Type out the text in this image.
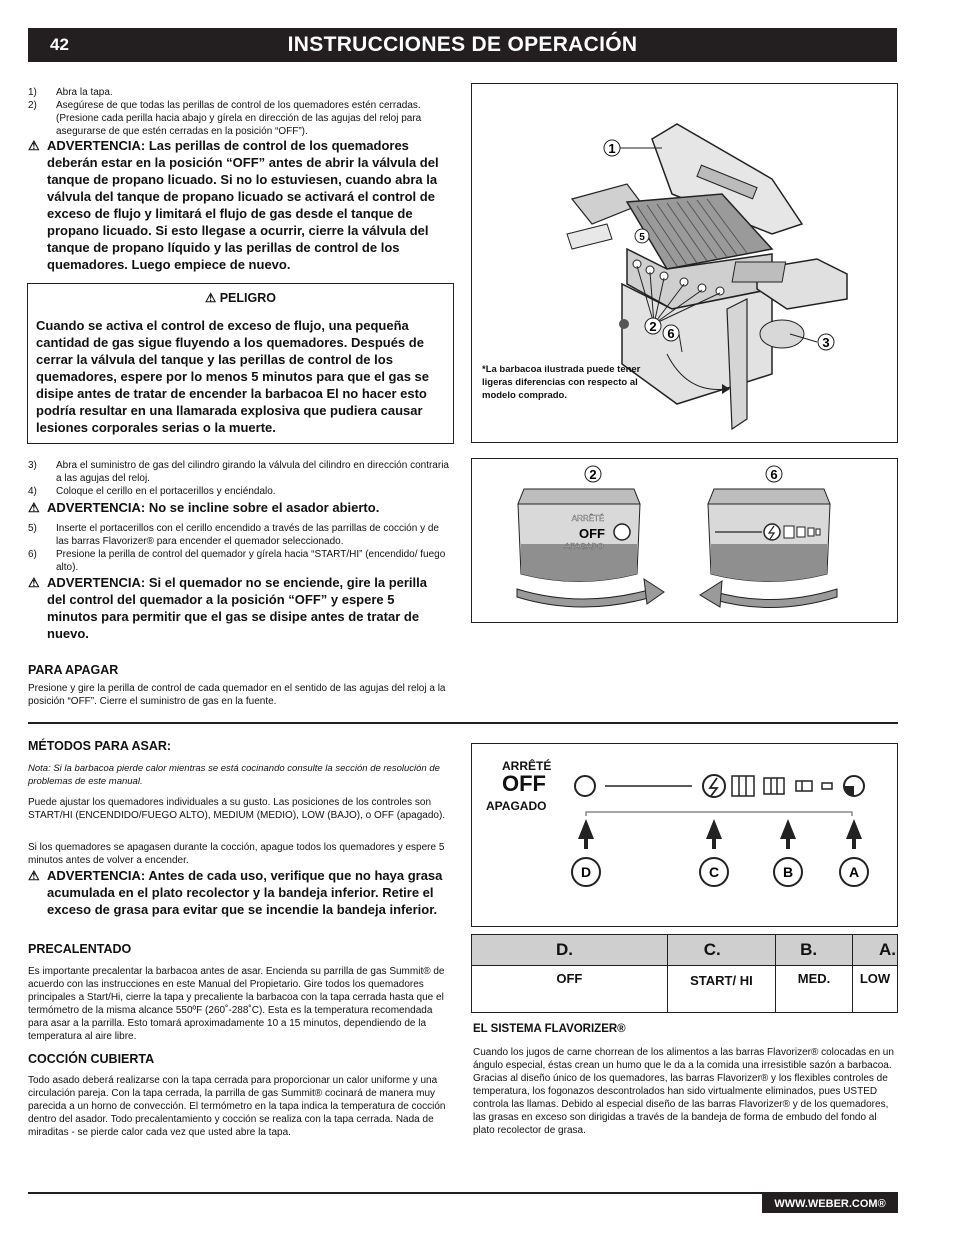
42	INSTRUCCIONES DE OPERACIÓN
1) Abra la tapa.
2) Asegúrese de que todas las perillas de control de los quemadores estén cerradas. (Presione cada perilla hacia abajo y gírela en dirección de las agujas del reloj para asegurarse de que estén cerradas en la posición “OFF”).
⚠ ADVERTENCIA: Las perillas de control de los quemadores deberán estar en la posición “OFF” antes de abrir la válvula del tanque de propano licuado. Si no lo estuviesen, cuando abra la válvula del tanque de propano licuado se activará el control de exceso de flujo y limitará el flujo de gas desde el tanque de propano licuado. Si esto llegase a ocurrir, cierre la válvula del tanque de propano líquido y las perillas de control de los quemadores. Luego empiece de nuevo.
⚠ PELIGRO
Cuando se activa el control de exceso de flujo, una pequeña cantidad de gas sigue fluyendo a los quemadores. Después de cerrar la válvula del tanque y las perillas de control de los quemadores, espere por lo menos 5 minutos para que el gas se disipe antes de tratar de encender la barbacoa El no hacer esto podría resultar en una llamarada explosiva que pudiera causar lesiones corporales serias o la muerte.
3) Abra el suministro de gas del cilindro girando la válvula del cilindro en dirección contraria a las agujas del reloj.
4) Coloque el cerillo en el portacerillos y enciéndalo.
⚠ ADVERTENCIA: No se incline sobre el asador abierto.
5) Inserte el portacerillos con el cerillo encendido a través de las parrillas de cocción y de las barras Flavorizer® para encender el quemador seleccionado.
6) Presione la perilla de control del quemador y gírela hacia “START/HI” (encendido/ fuego alto).
⚠ ADVERTENCIA: Si el quemador no se enciende, gire la perilla del control del quemador a la posición “OFF” y espere 5 minutos para permitir que el gas se disipe antes de tratar de nuevo.
PARA APAGAR
Presione y gire la perilla de control de cada quemador en el sentido de las agujas del reloj a la posición “OFF”. Cierre el suministro de gas en la fuente.
1
5
2 6
3
*La barbacoa ilustrada puede tener ligeras diferencias con respecto al modelo comprado.
ARRÊTÉ
OFF
APAGADO
2	6
MÉTODOS PARA ASAR:
Nota: Si la barbacoa pierde calor mientras se está cocinando consulte la sección de resolución de problemas de este manual.
Puede ajustar los quemadores individuales a su gusto. Las posiciones de los controles son START/HI (ENCENDIDO/FUEGO ALTO), MEDIUM (MEDIO), LOW (BAJO), o OFF (apagado).
Si los quemadores se apagasen durante la cocción, apague todos los quemadores y espere 5 minutos antes de volver a encender.
⚠ ADVERTENCIA: Antes de cada uso, verifique que no haya grasa acumulada en el plato recolector y la bandeja inferior. Retire el exceso de grasa para evitar que se incendie la bandeja inferior.
PRECALENTADO
Es importante precalentar la barbacoa antes de asar. Encienda su parrilla de gas Summit® de acuerdo con las instrucciones en este Manual del Propietario. Gire todos los quemadores principales a Start/Hi, cierre la tapa y precaliente la barbacoa con la tapa cerrada hasta que el termómetro de la misma alcance 550ºF (260˚-288˚C). Esta es la temperatura recomendada para asar a la parrilla. Esto tomará aproximadamente 10 a 15 minutos, dependiendo de la temperatura al aire libre.
COCCIÓN CUBIERTA
Todo asado deberá realizarse con la tapa cerrada para proporcionar un calor uniforme y una circulación pareja. Con la tapa cerrada, la parrilla de gas Summit® cocinará de manera muy parecida a un horno de convección. El termómetro en la tapa indica la temperatura de cocción dentro del asador. Todo precalentamiento y cocción se realiza con la tapa cerrada. Nada de miraditas - se pierde calor cada vez que usted abre la tapa.
ARRÊTÉ
OFF
APAGADO
D	C	B	A
D.	C.	B.	A.
OFF	START/ HI	MED.	LOW
EL SISTEMA FLAVORIZER®
Cuando los jugos de carne chorrean de los alimentos a las barras Flavorizer® colocadas en un ángulo especial, éstas crean un humo que le da a la comida una irresistible sazón a barbacoa. Gracias al diseño único de los quemadores, las barras Flavorizer® y los flexibles controles de temperatura, los fogonazos descontrolados han sido virtualmente eliminados, pues USTED controla las llamas. Debido al especial diseño de las barras Flavorizer® y de los quemadores, las grasas en exceso son dirigidas a través de la bandeja de forma de embudo del fondo al plato recolector de grasa.
WWW.WEBER.COM®
